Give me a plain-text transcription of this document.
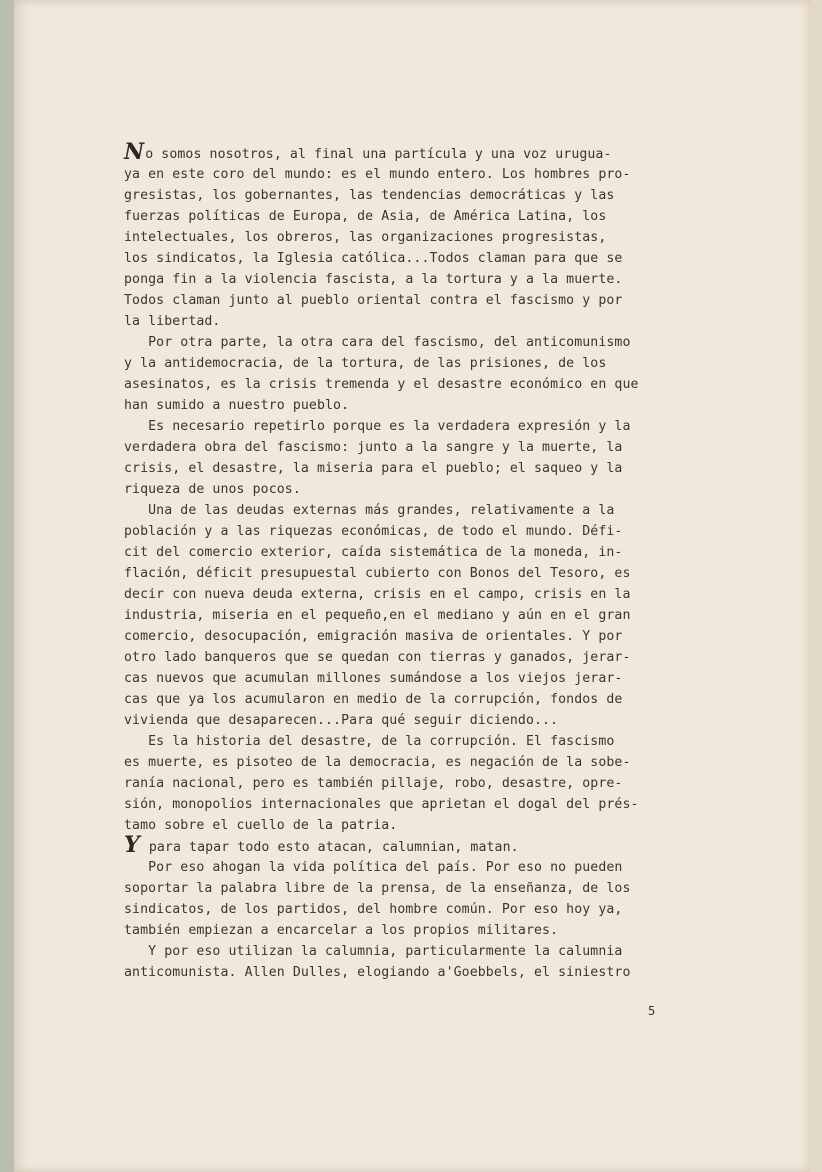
No somos nosotros, al final una partícula y una voz urugua-
ya en este coro del mundo: es el mundo entero. Los hombres pro-
gresistas, los gobernantes, las tendencias democráticas y las
fuerzas políticas de Europa, de Asia, de América Latina, los
intelectuales, los obreros, las organizaciones progresistas,
los sindicatos, la Iglesia católica...Todos claman para que se
ponga fin a la violencia fascista, a la tortura y a la muerte.
Todos claman junto al pueblo oriental contra el fascismo y por
la libertad.
Por otra parte, la otra cara del fascismo, del anticomunismo
y la antidemocracia, de la tortura, de las prisiones, de los
asesinatos, es la crisis tremenda y el desastre económico en que
han sumido a nuestro pueblo.
Es necesario repetirlo porque es la verdadera expresión y la
verdadera obra del fascismo: junto a la sangre y la muerte, la
crisis, el desastre, la miseria para el pueblo; el saqueo y la
riqueza de unos pocos.
Una de las deudas externas más grandes, relativamente a la
población y a las riquezas económicas, de todo el mundo. Défi-
cit del comercio exterior, caída sistemática de la moneda, in-
flación, déficit presupuestal cubierto con Bonos del Tesoro, es
decir con nueva deuda externa, crisis en el campo, crisis en la
industria, miseria en el pequeño,en el mediano y aún en el gran
comercio, desocupación, emigración masiva de orientales. Y por
otro lado banqueros que se quedan con tierras y ganados, jerar-
cas nuevos que acumulan millones sumándose a los viejos jerar-
cas que ya los acumularon en medio de la corrupción, fondos de
vivienda que desaparecen...Para qué seguir diciendo...
Es la historia del desastre, de la corrupción. El fascismo
es muerte, es pisoteo de la democracia, es negación de la sobe-
ranía nacional, pero es también pillaje, robo, desastre, opre-
sión, monopolios internacionales que aprietan el dogal del prés-
tamo sobre el cuello de la patria.
Y para tapar todo esto atacan, calumnian, matan.
Por eso ahogan la vida política del país. Por eso no pueden
soportar la palabra libre de la prensa, de la enseñanza, de los
sindicatos, de los partidos, del hombre común. Por eso hoy ya,
también empiezan a encarcelar a los propios militares.
Y por eso utilizan la calumnia, particularmente la calumnia
anticomunista. Allen Dulles, elogiando a'Goebbels, el siniestro
5
